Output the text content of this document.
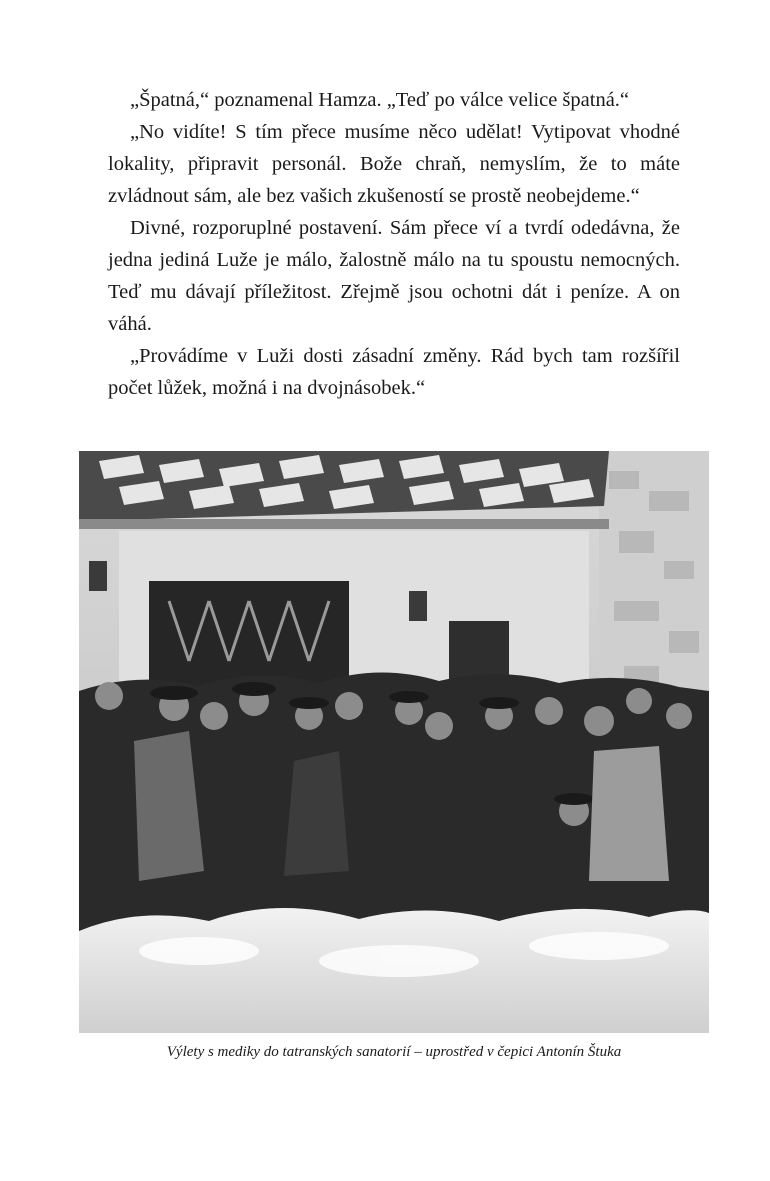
„Špatná,“ poznamenal Hamza. „Teď po válce velice špatná.“

„No vidíte! S tím přece musíme něco udělat! Vytipovat vhodné lokality, připravit personál. Bože chraň, nemyslím, že to máte zvládnout sám, ale bez vašich zkušeností se prostě neobejdeme.“

Divné, rozporuplné postavení. Sám přece ví a tvrdí odedávna, že jedna jediná Luže je málo, žalostně málo na tu spoustu nemocných. Teď mu dávají příležitost. Zřejmě jsou ochotni dát i peníze. A on váhá.

„Provádíme v Luži dosti zásadní změny. Rád bych tam rozšířil počet lůžek, možná i na dvojnásobek.“

Výlety s mediky do tatranských sanatorií – uprostřed v čepici Antonín Štuka
